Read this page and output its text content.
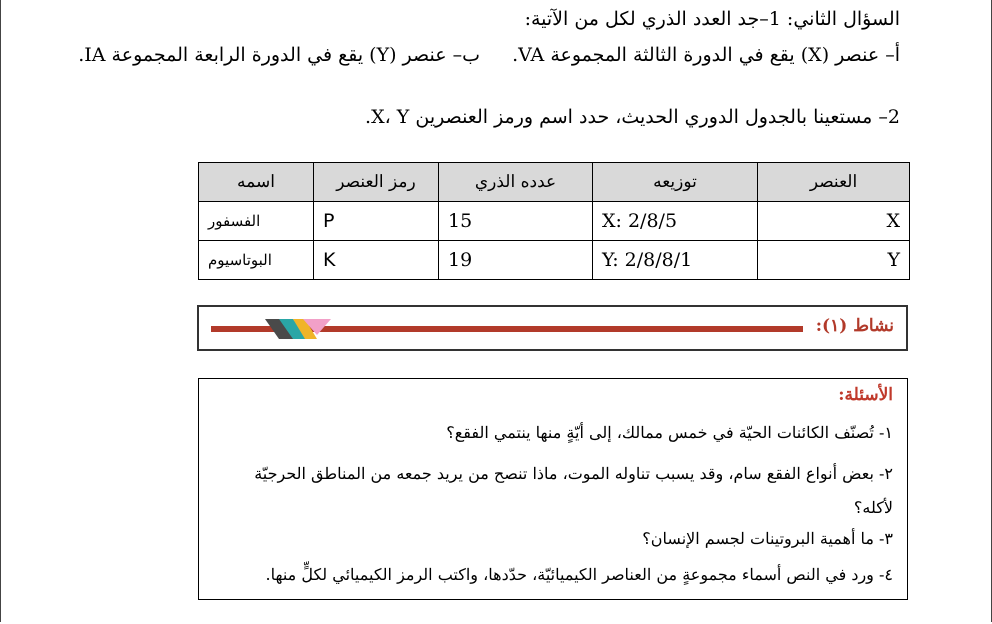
السؤال الثاني: 1–جد العدد الذري لكل من الآتية:
أ– عنصر (X) يقع في الدورة الثالثة المجموعة VA. ب– عنصر (Y) يقع في الدورة الرابعة المجموعة IA.
2– مستعينا بالجدول الدوري الحديث، حدد اسم ورمز العنصرين X، Y.
العنصر	توزيعه	عدده الذري	رمز العنصر	اسمه
X	X: 2/8/5	15	P	الفسفور
Y	Y: 2/8/8/1	19	K	البوتاسيوم
نشاط (١):
الأسئلة:
١- تُصنّف الكائنات الحيّة في خمس ممالك، إلى أيّةٍ منها ينتمي الفقع؟
٢- بعض أنواع الفقع سام، وقد يسبب تناوله الموت، ماذا تنصح من يريد جمعه من المناطق الحرجيّة لأكله؟
٣- ما أهمية البروتينات لجسم الإنسان؟
٤- ورد في النص أسماء مجموعةٍ من العناصر الكيميائيّة، حدّدها، واكتب الرمز الكيميائي لكلٍّ منها.
